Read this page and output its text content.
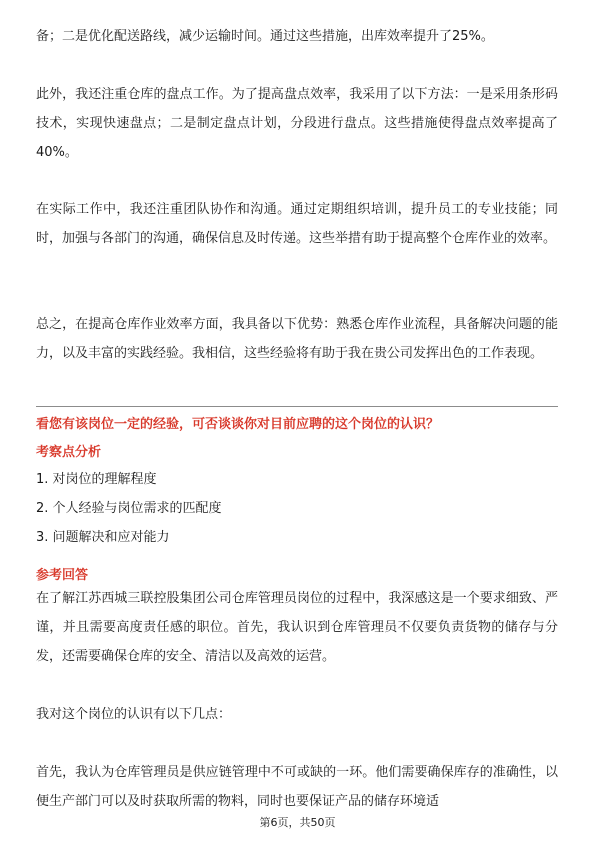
备；二是优化配送路线，减少运输时间。通过这些措施，出库效率提升了25%。

此外，我还注重仓库的盘点工作。为了提高盘点效率，我采用了以下方法：一是采用条形码技术，实现快速盘点；二是制定盘点计划，分段进行盘点。这些措施使得盘点效率提高了40%。

在实际工作中，我还注重团队协作和沟通。通过定期组织培训，提升员工的专业技能；同时，加强与各部门的沟通，确保信息及时传递。这些举措有助于提高整个仓库作业的效率。

总之，在提高仓库作业效率方面，我具备以下优势：熟悉仓库作业流程，具备解决问题的能力，以及丰富的实践经验。我相信，这些经验将有助于我在贵公司发挥出色的工作表现。

看您有该岗位一定的经验，可否谈谈你对目前应聘的这个岗位的认识？

考察点分析

1. 对岗位的理解程度

2. 个人经验与岗位需求的匹配度

3. 问题解决和应对能力

参考回答

在了解江苏西城三联控股集团公司仓库管理员岗位的过程中，我深感这是一个要求细致、严谨，并且需要高度责任感的职位。首先，我认识到仓库管理员不仅要负责货物的储存与分发，还需要确保仓库的安全、清洁以及高效的运营。

我对这个岗位的认识有以下几点：

首先，我认为仓库管理员是供应链管理中不可或缺的一环。他们需要确保库存的准确性，以便生产部门可以及时获取所需的物料，同时也要保证产品的储存环境适

第6页，共50页
